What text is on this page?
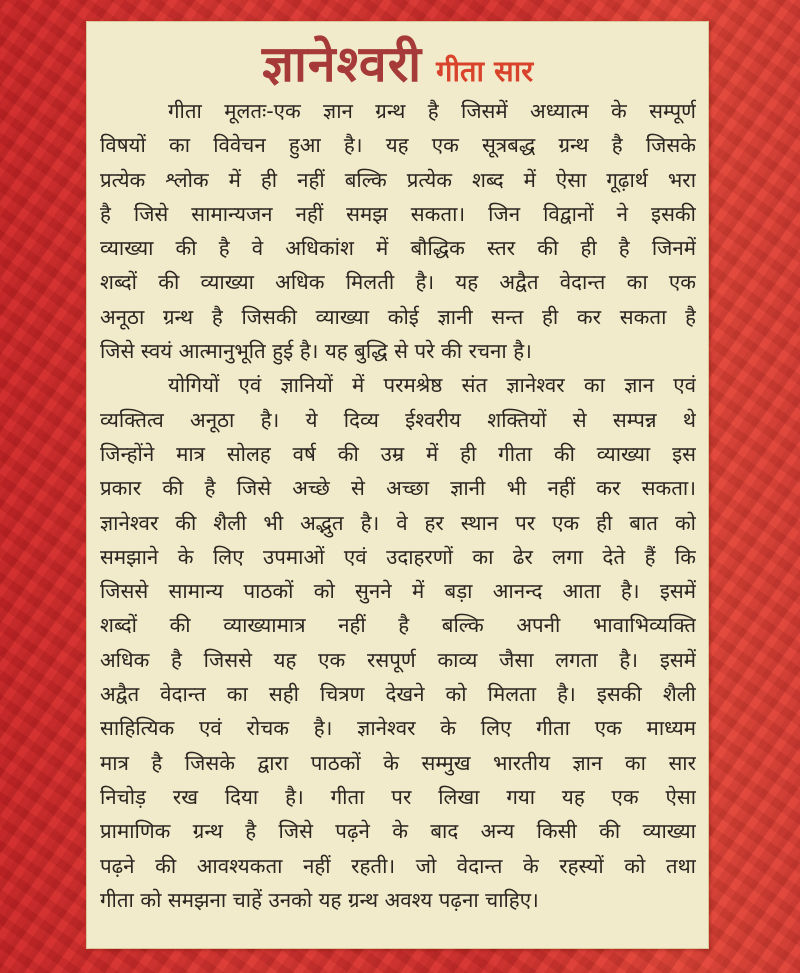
ज्ञानेश्वरी गीता सार
गीता मूलतः-एक ज्ञान ग्रन्थ है जिसमें अध्यात्म के सम्पूर्ण
विषयों का विवेचन हुआ है। यह एक सूत्रबद्ध ग्रन्थ है जिसके
प्रत्येक श्लोक में ही नहीं बल्कि प्रत्येक शब्द में ऐसा गूढ़ार्थ भरा
है जिसे सामान्यजन नहीं समझ सकता। जिन विद्वानों ने इसकी
व्याख्या की है वे अधिकांश में बौद्धिक स्तर की ही है जिनमें
शब्दों की व्याख्या अधिक मिलती है। यह अद्वैत वेदान्त का एक
अनूठा ग्रन्थ है जिसकी व्याख्या कोई ज्ञानी सन्त ही कर सकता है
जिसे स्वयं आत्मानुभूति हुई है। यह बुद्धि से परे की रचना है।
योगियों एवं ज्ञानियों में परमश्रेष्ठ संत ज्ञानेश्वर का ज्ञान एवं
व्यक्तित्व अनूठा है। ये दिव्य ईश्वरीय शक्तियों से सम्पन्न थे
जिन्होंने मात्र सोलह वर्ष की उम्र में ही गीता की व्याख्या इस
प्रकार की है जिसे अच्छे से अच्छा ज्ञानी भी नहीं कर सकता।
ज्ञानेश्वर की शैली भी अद्भुत है। वे हर स्थान पर एक ही बात को
समझाने के लिए उपमाओं एवं उदाहरणों का ढेर लगा देते हैं कि
जिससे सामान्य पाठकों को सुनने में बड़ा आनन्द आता है। इसमें
शब्दों की व्याख्यामात्र नहीं है बल्कि अपनी भावाभिव्यक्ति
अधिक है जिससे यह एक रसपूर्ण काव्य जैसा लगता है। इसमें
अद्वैत वेदान्त का सही चित्रण देखने को मिलता है। इसकी शैली
साहित्यिक एवं रोचक है। ज्ञानेश्वर के लिए गीता एक माध्यम
मात्र है जिसके द्वारा पाठकों के सम्मुख भारतीय ज्ञान का सार
निचोड़ रख दिया है। गीता पर लिखा गया यह एक ऐसा
प्रामाणिक ग्रन्थ है जिसे पढ़ने के बाद अन्य किसी की व्याख्या
पढ़ने की आवश्यकता नहीं रहती। जो वेदान्त के रहस्यों को तथा
गीता को समझना चाहें उनको यह ग्रन्थ अवश्य पढ़ना चाहिए।
